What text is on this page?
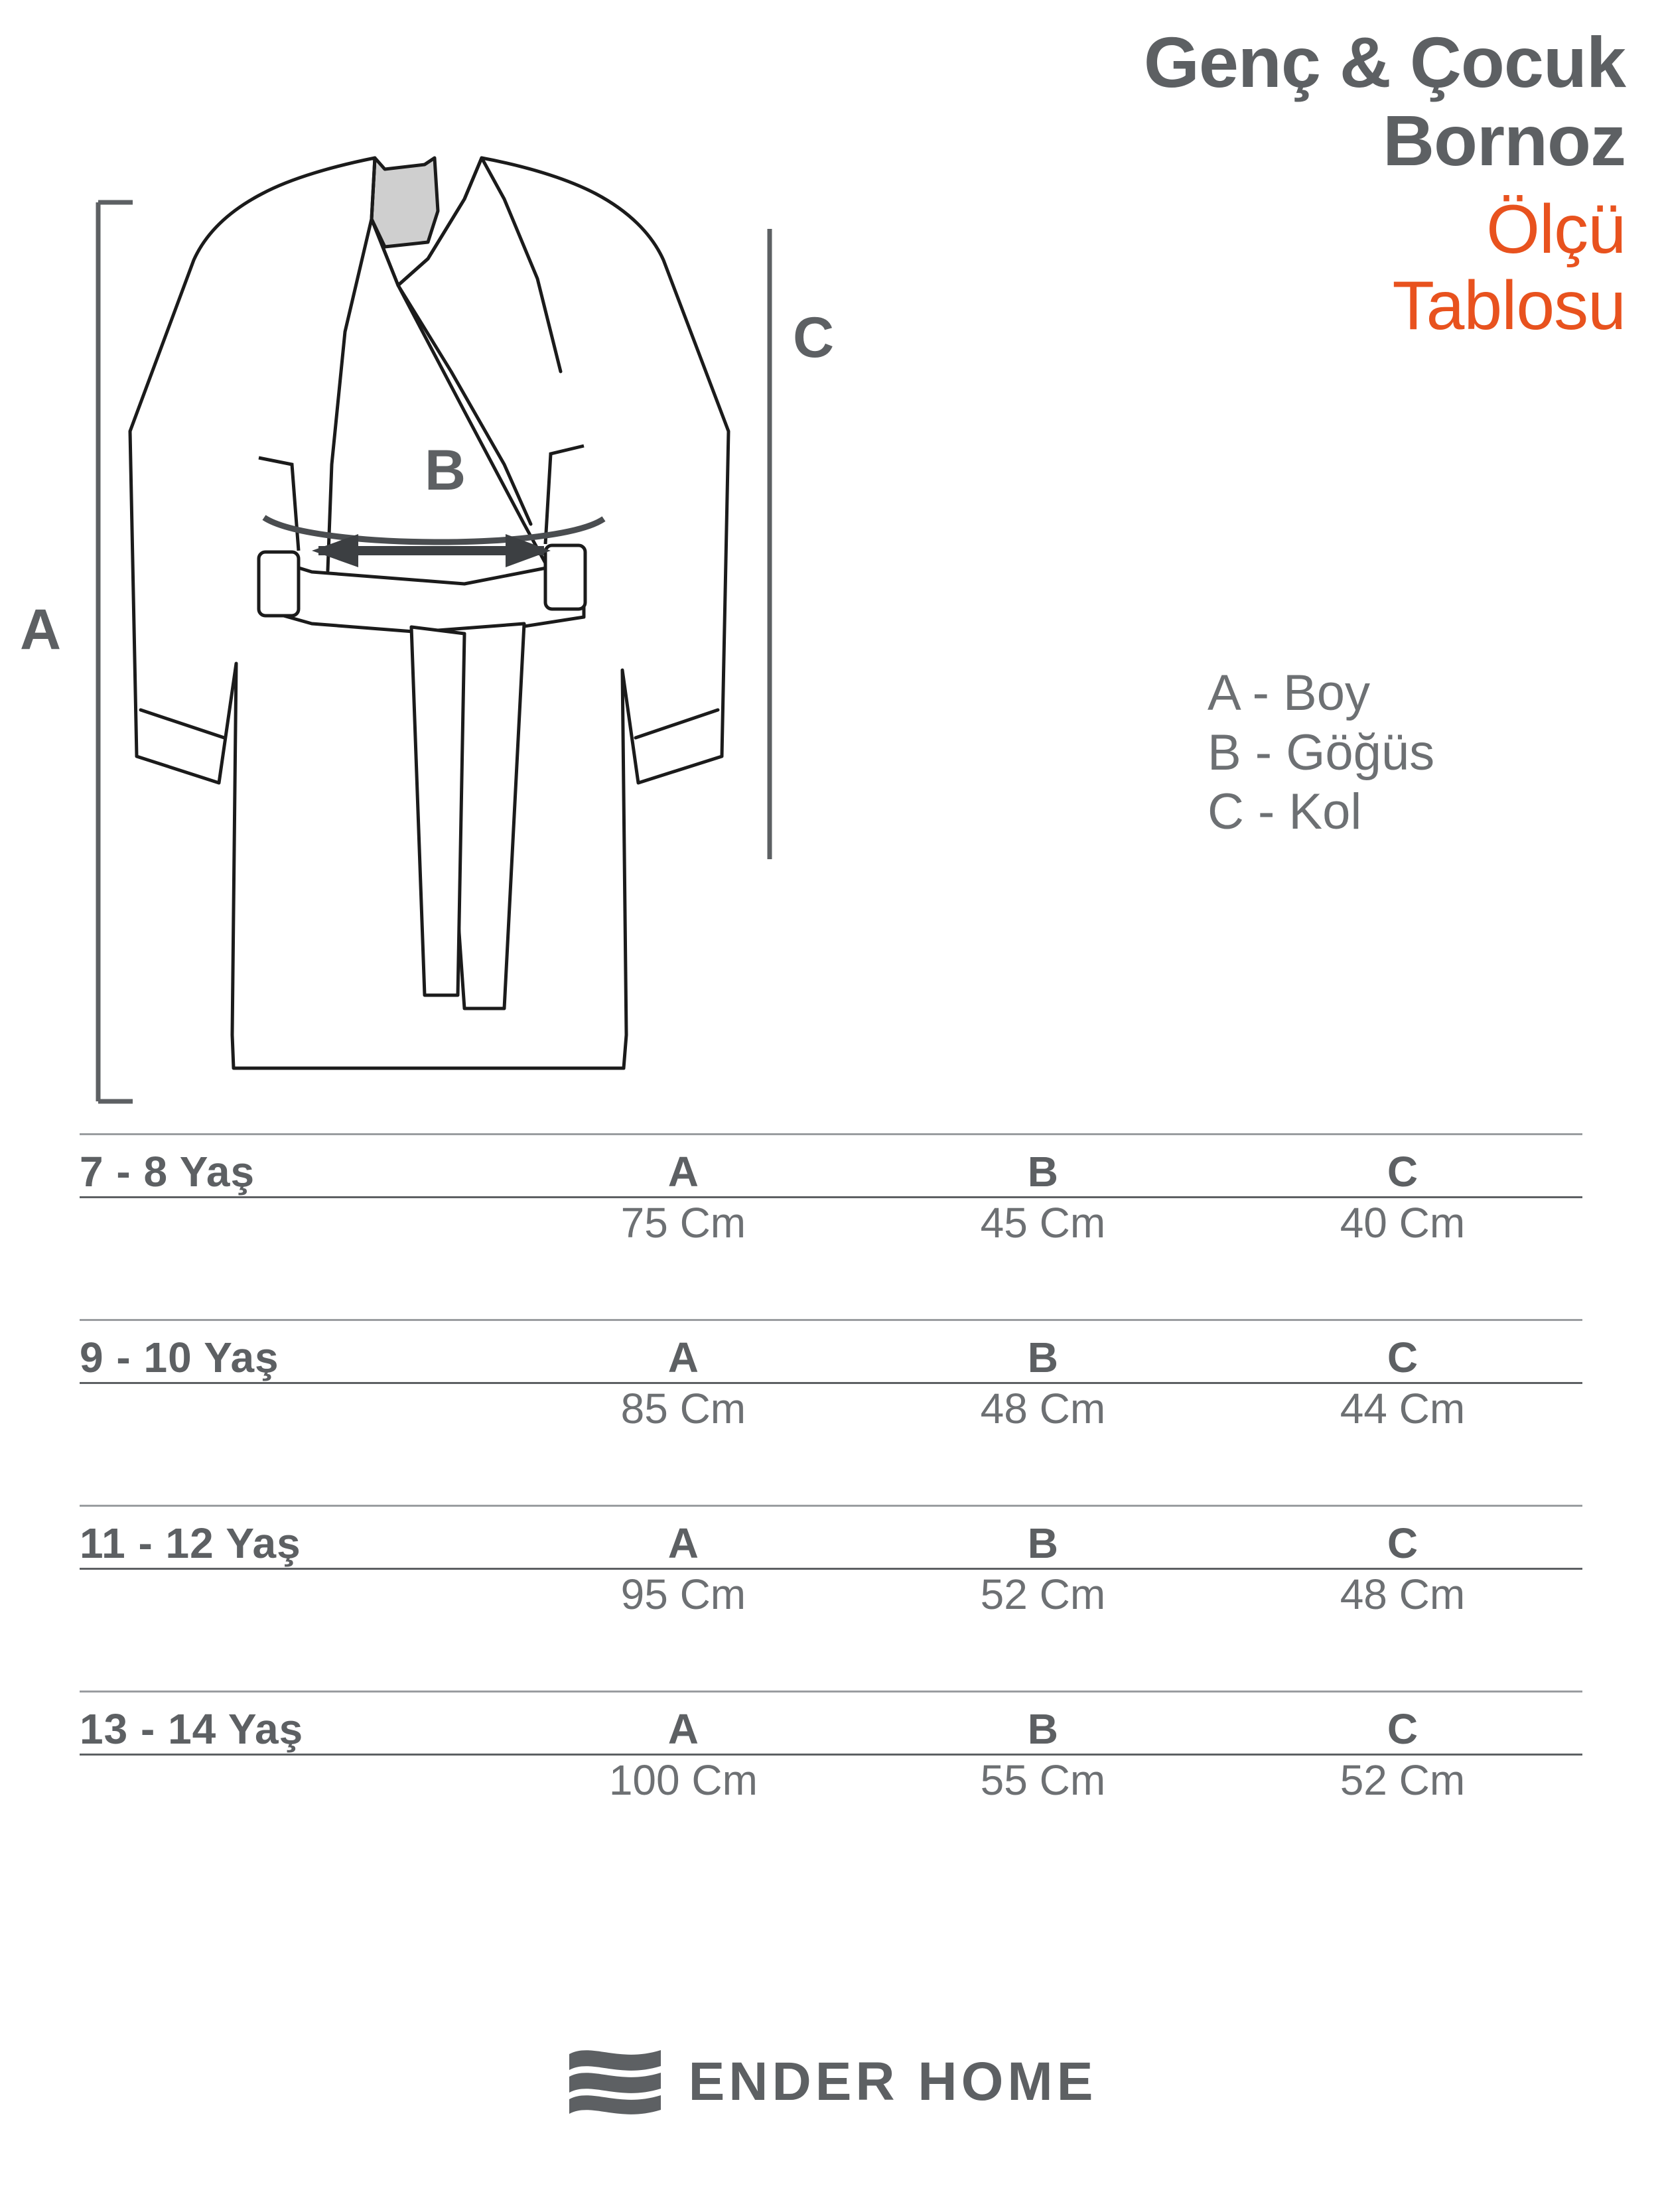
A
B
C
Genç & Çocuk
Bornoz
Ölçü
Tablosu
A - Boy
B - Göğüs
C - Kol
7 - 8 Yaş	A	B	C
75 Cm	45 Cm	40 Cm
9 - 10 Yaş	A	B	C
85 Cm	48 Cm	44 Cm
11 - 12 Yaş	A	B	C
95 Cm	52 Cm	48 Cm
13 - 14 Yaş	A	B	C
100 Cm	55 Cm	52 Cm
ENDER HOME
